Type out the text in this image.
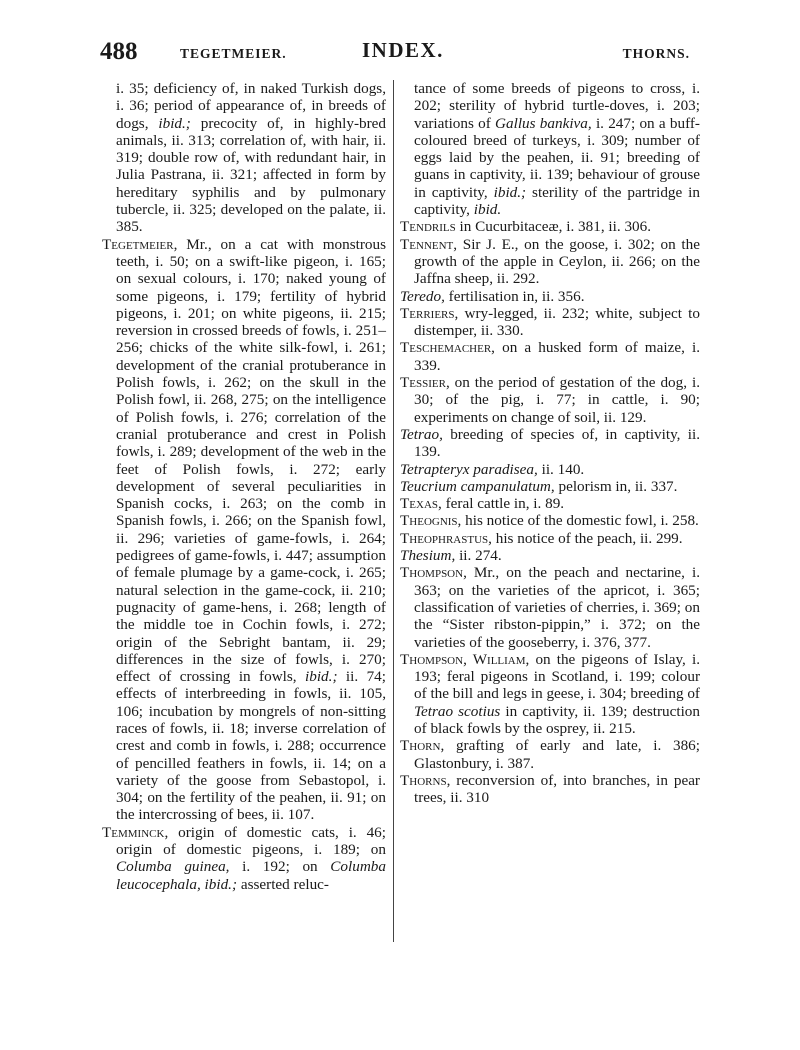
488	TEGETMEIER.	INDEX.	THORNS.

i. 35; deficiency of, in naked Turkish dogs, i. 36; period of appearance of, in breeds of dogs, ibid.; precocity of, in highly-bred animals, ii. 313; correlation of, with hair, ii. 319; double row of, with redundant hair, in Julia Pastrana, ii. 321; affected in form by hereditary syphilis and by pulmonary tubercle, ii. 325; developed on the palate, ii. 385.

Tegetmeier, Mr., on a cat with monstrous teeth, i. 50; on a swift-like pigeon, i. 165; on sexual colours, i. 170; naked young of some pigeons, i. 179; fertility of hybrid pigeons, i. 201; on white pigeons, ii. 215; reversion in crossed breeds of fowls, i. 251–256; chicks of the white silk-fowl, i. 261; development of the cranial protuberance in Polish fowls, i. 262; on the skull in the Polish fowl, ii. 268, 275; on the intelligence of Polish fowls, i. 276; correlation of the cranial protuberance and crest in Polish fowls, i. 289; development of the web in the feet of Polish fowls, i. 272; early development of several peculiarities in Spanish cocks, i. 263; on the comb in Spanish fowls, i. 266; on the Spanish fowl, ii. 296; varieties of game-fowls, i. 264; pedigrees of game-fowls, i. 447; assumption of female plumage by a game-cock, i. 265; natural selection in the game-cock, ii. 210; pugnacity of game-hens, i. 268; length of the middle toe in Cochin fowls, i. 272; origin of the Sebright bantam, ii. 29; differences in the size of fowls, i. 270; effect of crossing in fowls, ibid.; ii. 74; effects of interbreeding in fowls, ii. 105, 106; incubation by mongrels of non-sitting races of fowls, ii. 18; inverse correlation of crest and comb in fowls, i. 288; occurrence of pencilled feathers in fowls, ii. 14; on a variety of the goose from Sebastopol, i. 304; on the fertility of the peahen, ii. 91; on the intercrossing of bees, ii. 107.

Temminck, origin of domestic cats, i. 46; origin of domestic pigeons, i. 189; on Columba guinea, i. 192; on Columba leucocephala, ibid.; asserted reluc-

tance of some breeds of pigeons to cross, i. 202; sterility of hybrid turtle-doves, i. 203; variations of Gallus bankiva, i. 247; on a buff-coloured breed of turkeys, i. 309; number of eggs laid by the peahen, ii. 91; breeding of guans in captivity, ii. 139; behaviour of grouse in captivity, ibid.; sterility of the partridge in captivity, ibid.

Tendrils in Cucurbitaceæ, i. 381, ii. 306.

Tennent, Sir J. E., on the goose, i. 302; on the growth of the apple in Ceylon, ii. 266; on the Jaffna sheep, ii. 292.

Teredo, fertilisation in, ii. 356.

Terriers, wry-legged, ii. 232; white, subject to distemper, ii. 330.

Teschemacher, on a husked form of maize, i. 339.

Tessier, on the period of gestation of the dog, i. 30; of the pig, i. 77; in cattle, i. 90; experiments on change of soil, ii. 129.

Tetrao, breeding of species of, in captivity, ii. 139.

Tetrapteryx paradisea, ii. 140.

Teucrium campanulatum, pelorism in, ii. 337.

Texas, feral cattle in, i. 89.

Theognis, his notice of the domestic fowl, i. 258.

Theophrastus, his notice of the peach, ii. 299.

Thesium, ii. 274.

Thompson, Mr., on the peach and nectarine, i. 363; on the varieties of the apricot, i. 365; classification of varieties of cherries, i. 369; on the “Sister ribston-pippin,” i. 372; on the varieties of the gooseberry, i. 376, 377.

Thompson, William, on the pigeons of Islay, i. 193; feral pigeons in Scotland, i. 199; colour of the bill and legs in geese, i. 304; breeding of Tetrao scotius in captivity, ii. 139; destruction of black fowls by the osprey, ii. 215.

Thorn, grafting of early and late, i. 386; Glastonbury, i. 387.

Thorns, reconversion of, into branches, in pear trees, ii. 310
